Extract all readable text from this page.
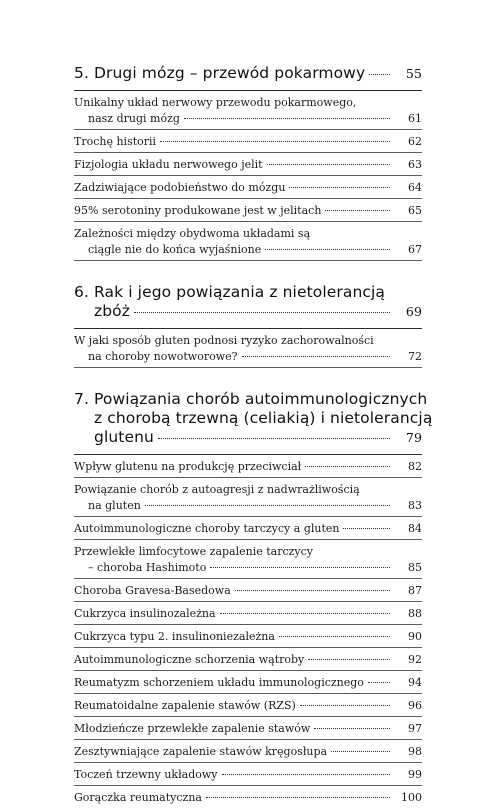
5. Drugi mózg – przewód pokarmowy	55
Unikalny układ nerwowy przewodu pokarmowego,
nasz drugi mózg	61
Trochę historii	62
Fizjologia układu nerwowego jelit	63
Zadziwiające podobieństwo do mózgu	64
95% serotoniny produkowane jest w jelitach	65
Zależności między obydwoma układami są
ciągle nie do końca wyjaśnione	67
6. Rak i jego powiązania z nietolerancją
zbóż	69
W jaki sposób gluten podnosi ryzyko zachorowalności
na choroby nowotworowe?	72
7. Powiązania chorób autoimmunologicznych
z chorobą trzewną (celiakią) i nietolerancją
glutenu	79
Wpływ glutenu na produkcję przeciwciał	82
Powiązanie chorób z autoagresji z nadwrażliwością
na gluten	83
Autoimmunologiczne choroby tarczycy a gluten	84
Przewlekłe limfocytowe zapalenie tarczycy
– choroba Hashimoto	85
Choroba Gravesa-Basedowa	87
Cukrzyca insulinozależna	88
Cukrzyca typu 2. insulinoniezależna	90
Autoimmunologiczne schorzenia wątroby	92
Reumatyzm schorzeniem układu immunologicznego	94
Reumatoidalne zapalenie stawów (RZS)	96
Młodzieńcze przewlekłe zapalenie stawów	97
Zesztywniające zapalenie stawów kręgosłupa	98
Toczeń trzewny układowy	99
Gorączka reumatyczna	100
